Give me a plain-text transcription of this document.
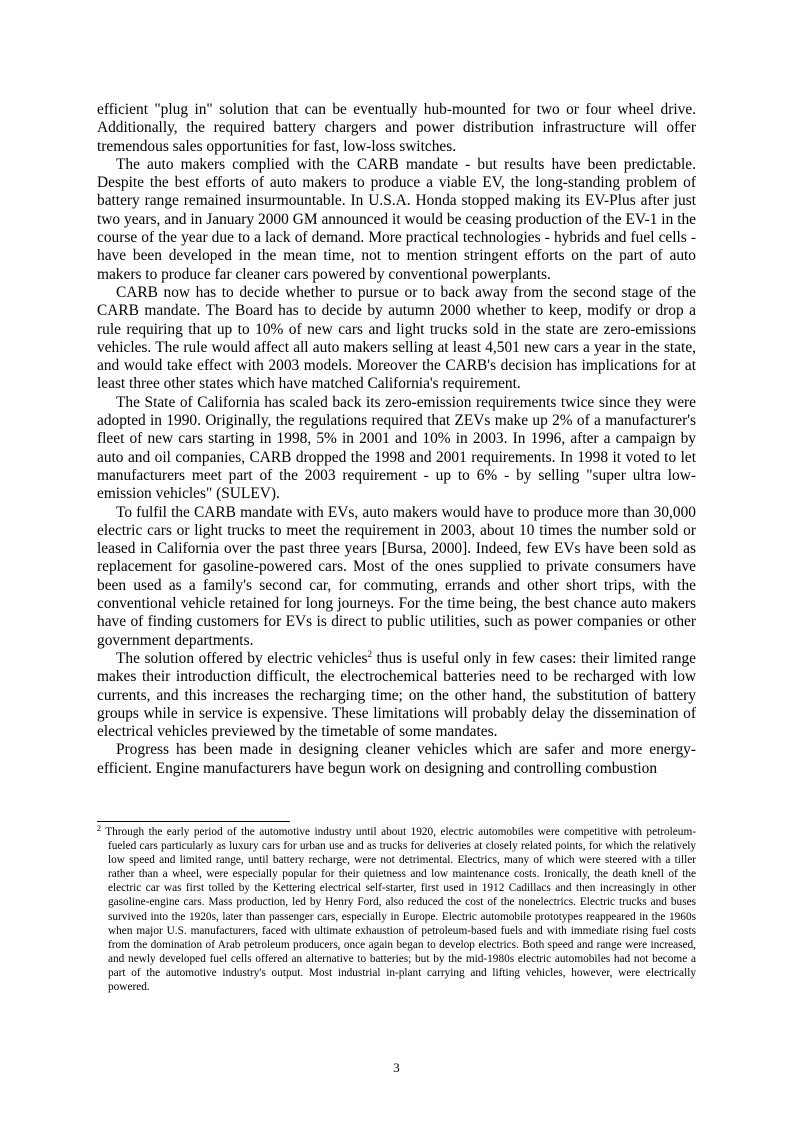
efficient "plug in" solution that can be eventually hub-mounted for two or four wheel drive. Additionally, the required battery chargers and power distribution infrastructure will offer tremendous sales opportunities for fast, low-loss switches.

The auto makers complied with the CARB mandate - but results have been predictable. Despite the best efforts of auto makers to produce a viable EV, the long-standing problem of battery range remained insurmountable. In U.S.A. Honda stopped making its EV-Plus after just two years, and in January 2000 GM announced it would be ceasing production of the EV-1 in the course of the year due to a lack of demand. More practical technologies - hybrids and fuel cells - have been developed in the mean time, not to mention stringent efforts on the part of auto makers to produce far cleaner cars powered by conventional powerplants.

CARB now has to decide whether to pursue or to back away from the second stage of the CARB mandate. The Board has to decide by autumn 2000 whether to keep, modify or drop a rule requiring that up to 10% of new cars and light trucks sold in the state are zero-emissions vehicles. The rule would affect all auto makers selling at least 4,501 new cars a year in the state, and would take effect with 2003 models. Moreover the CARB's decision has implications for at least three other states which have matched California's requirement.

The State of California has scaled back its zero-emission requirements twice since they were adopted in 1990. Originally, the regulations required that ZEVs make up 2% of a manufacturer's fleet of new cars starting in 1998, 5% in 2001 and 10% in 2003. In 1996, after a campaign by auto and oil companies, CARB dropped the 1998 and 2001 requirements. In 1998 it voted to let manufacturers meet part of the 2003 requirement - up to 6% - by selling "super ultra low-emission vehicles" (SULEV).

To fulfil the CARB mandate with EVs, auto makers would have to produce more than 30,000 electric cars or light trucks to meet the requirement in 2003, about 10 times the number sold or leased in California over the past three years [Bursa, 2000]. Indeed, few EVs have been sold as replacement for gasoline-powered cars. Most of the ones supplied to private consumers have been used as a family's second car, for commuting, errands and other short trips, with the conventional vehicle retained for long journeys. For the time being, the best chance auto makers have of finding customers for EVs is direct to public utilities, such as power companies or other government departments.

The solution offered by electric vehicles$^2$ thus is useful only in few cases: their limited range makes their introduction difficult, the electrochemical batteries need to be recharged with low currents, and this increases the recharging time; on the other hand, the substitution of battery groups while in service is expensive. These limitations will probably delay the dissemination of electrical vehicles previewed by the timetable of some mandates.

Progress has been made in designing cleaner vehicles which are safer and more energy-efficient. Engine manufacturers have begun work on designing and controlling combustion

$^2$ Through the early period of the automotive industry until about 1920, electric automobiles were competitive with petroleum-fueled cars particularly as luxury cars for urban use and as trucks for deliveries at closely related points, for which the relatively low speed and limited range, until battery recharge, were not detrimental. Electrics, many of which were steered with a tiller rather than a wheel, were especially popular for their quietness and low maintenance costs. Ironically, the death knell of the electric car was first tolled by the Kettering electrical self-starter, first used in 1912 Cadillacs and then increasingly in other gasoline-engine cars. Mass production, led by Henry Ford, also reduced the cost of the nonelectrics. Electric trucks and buses survived into the 1920s, later than passenger cars, especially in Europe. Electric automobile prototypes reappeared in the 1960s when major U.S. manufacturers, faced with ultimate exhaustion of petroleum-based fuels and with immediate rising fuel costs from the domination of Arab petroleum producers, once again began to develop electrics. Both speed and range were increased, and newly developed fuel cells offered an alternative to batteries; but by the mid-1980s electric automobiles had not become a part of the automotive industry's output. Most industrial in-plant carrying and lifting vehicles, however, were electrically powered.

3
